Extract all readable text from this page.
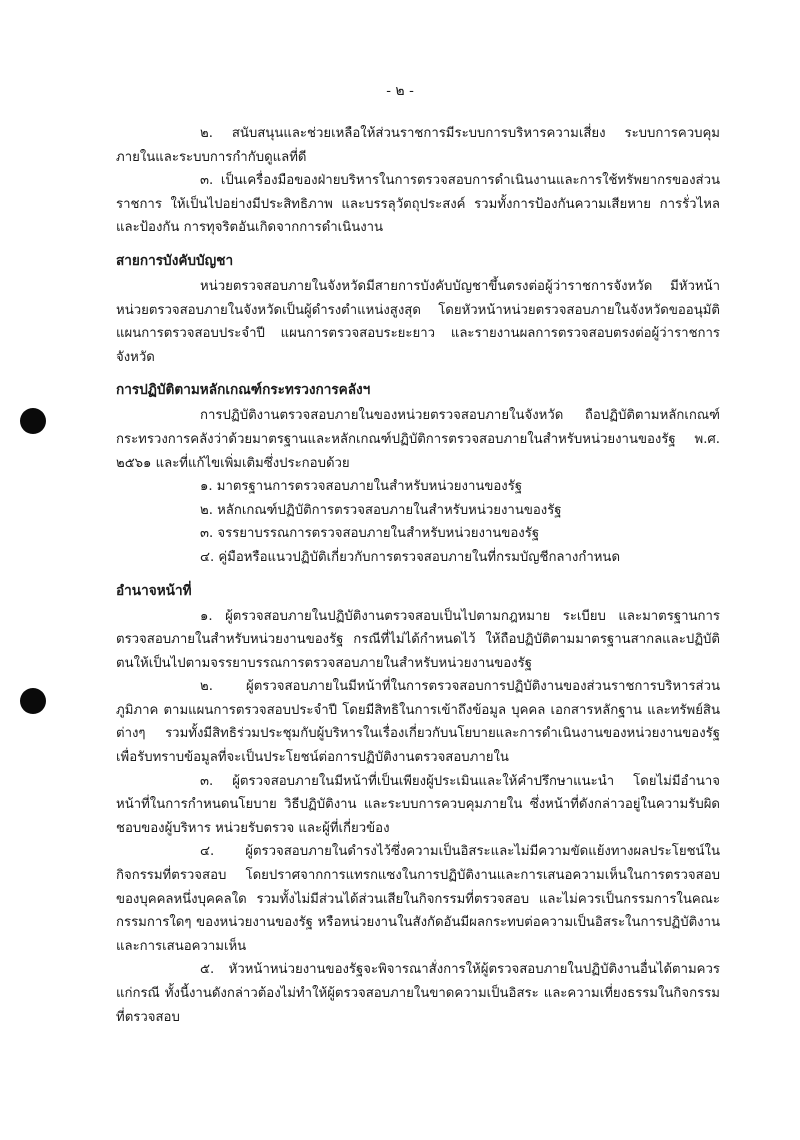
- ๒ -

๒. สนับสนุนและช่วยเหลือให้ส่วนราชการมีระบบการบริหารความเสี่ยง ระบบการควบคุมภายในและระบบการกำกับดูแลที่ดี

๓. เป็นเครื่องมือของฝ่ายบริหารในการตรวจสอบการดำเนินงานและการใช้ทรัพยากรของส่วนราชการ ให้เป็นไปอย่างมีประสิทธิภาพ และบรรลุวัตถุประสงค์ รวมทั้งการป้องกันความเสียหาย การรั่วไหล และป้องกัน การทุจริตอันเกิดจากการดำเนินงาน

สายการบังคับบัญชา

หน่วยตรวจสอบภายในจังหวัดมีสายการบังคับบัญชาขึ้นตรงต่อผู้ว่าราชการจังหวัด มีหัวหน้าหน่วยตรวจสอบภายในจังหวัดเป็นผู้ดำรงตำแหน่งสูงสุด โดยหัวหน้าหน่วยตรวจสอบภายในจังหวัดขออนุมัติแผนการตรวจสอบประจำปี แผนการตรวจสอบระยะยาว และรายงานผลการตรวจสอบตรงต่อผู้ว่าราชการจังหวัด

การปฏิบัติตามหลักเกณฑ์กระทรวงการคลังฯ

การปฏิบัติงานตรวจสอบภายในของหน่วยตรวจสอบภายในจังหวัด ถือปฏิบัติตามหลักเกณฑ์กระทรวงการคลังว่าด้วยมาตรฐานและหลักเกณฑ์ปฏิบัติการตรวจสอบภายในสำหรับหน่วยงานของรัฐ พ.ศ. ๒๕๖๑ และที่แก้ไขเพิ่มเติมซึ่งประกอบด้วย

๑. มาตรฐานการตรวจสอบภายในสำหรับหน่วยงานของรัฐ
๒. หลักเกณฑ์ปฏิบัติการตรวจสอบภายในสำหรับหน่วยงานของรัฐ
๓. จรรยาบรรณการตรวจสอบภายในสำหรับหน่วยงานของรัฐ
๔. คู่มือหรือแนวปฏิบัติเกี่ยวกับการตรวจสอบภายในที่กรมบัญชีกลางกำหนด
อำนาจหน้าที่

๑. ผู้ตรวจสอบภายในปฏิบัติงานตรวจสอบเป็นไปตามกฎหมาย ระเบียบ และมาตรฐานการตรวจสอบภายในสำหรับหน่วยงานของรัฐ กรณีที่ไม่ได้กำหนดไว้ ให้ถือปฏิบัติตามมาตรฐานสากลและปฏิบัติตนให้เป็นไปตามจรรยาบรรณการตรวจสอบภายในสำหรับหน่วยงานของรัฐ

๒. ผู้ตรวจสอบภายในมีหน้าที่ในการตรวจสอบการปฏิบัติงานของส่วนราชการบริหารส่วนภูมิภาค ตามแผนการตรวจสอบประจำปี โดยมีสิทธิในการเข้าถึงข้อมูล บุคคล เอกสารหลักฐาน และทรัพย์สินต่างๆ รวมทั้งมีสิทธิร่วมประชุมกับผู้บริหารในเรื่องเกี่ยวกับนโยบายและการดำเนินงานของหน่วยงานของรัฐ เพื่อรับทราบข้อมูลที่จะเป็นประโยชน์ต่อการปฏิบัติงานตรวจสอบภายใน

๓. ผู้ตรวจสอบภายในมีหน้าที่เป็นเพียงผู้ประเมินและให้คำปรึกษาแนะนำ โดยไม่มีอำนาจหน้าที่ในการกำหนดนโยบาย วิธีปฏิบัติงาน และระบบการควบคุมภายใน ซึ่งหน้าที่ดังกล่าวอยู่ในความรับผิดชอบของผู้บริหาร หน่วยรับตรวจ และผู้ที่เกี่ยวข้อง

๔. ผู้ตรวจสอบภายในดำรงไว้ซึ่งความเป็นอิสระและไม่มีความขัดแย้งทางผลประโยชน์ในกิจกรรมที่ตรวจสอบ โดยปราศจากการแทรกแซงในการปฏิบัติงานและการเสนอความเห็นในการตรวจสอบของบุคคลหนึ่งบุคคลใด รวมทั้งไม่มีส่วนได้ส่วนเสียในกิจกรรมที่ตรวจสอบ และไม่ควรเป็นกรรมการในคณะกรรมการใดๆ ของหน่วยงานของรัฐ หรือหน่วยงานในสังกัดอันมีผลกระทบต่อความเป็นอิสระในการปฏิบัติงานและการเสนอความเห็น

๕. หัวหน้าหน่วยงานของรัฐจะพิจารณาสั่งการให้ผู้ตรวจสอบภายในปฏิบัติงานอื่นได้ตามควรแก่กรณี ทั้งนี้งานดังกล่าวต้องไม่ทำให้ผู้ตรวจสอบภายในขาดความเป็นอิสระ และความเที่ยงธรรมในกิจกรรมที่ตรวจสอบ
